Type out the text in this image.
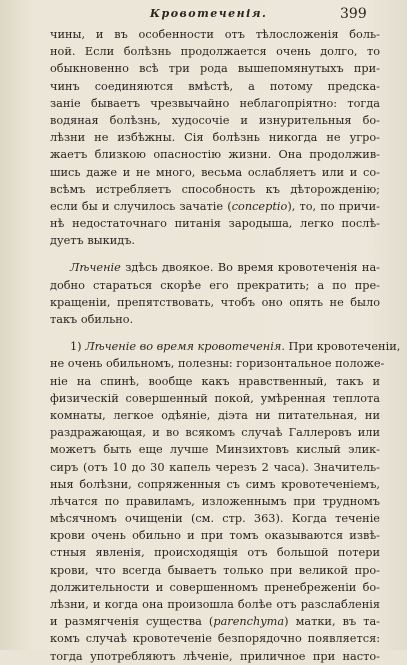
Кровотеченія.	399
чины, и въ особенности отъ тѣлосложенія боль-
ной. Если болѣзнь продолжается очень долго, то
обыкновенно всѣ три рода вышепомянутыхъ при-
чинъ соединяются вмѣстѣ, а потому предска-
заніе бываетъ чрезвычайно неблагопріятно: тогда
водяная болѣзнь, худосочіе и изнурительныя бо-
лѣзни не избѣжны. Сія болѣзнь никогда не угро-
жаетъ близкою опасностію жизни. Она продолжив-
шись даже и не много, весьма ослабляетъ или и со-
всѣмъ истребляетъ способность къ дѣторожденію;
если бы и случилось зачатіе (conceptio), то, по причи-
нѣ недостаточнаго питанія зародыша, легко послѣ-
дуетъ выкидъ.
Лѣченіе здѣсь двоякое. Во время кровотеченія на-
добно стараться скорѣе его прекратить; а по пре-
кращеніи, препятствовать, чтобъ оно опять не было
такъ обильно.
1) Лѣченіе во время кровотеченія. При кровотеченіи,
не очень обильномъ, полезны: горизонтальное положе-
ніе на спинѣ, вообще какъ нравственный, такъ и
физическій совершенный покой, умѣренная теплота
комнаты, легкое одѣяніе, діэта ни питательная, ни
раздражающая, и во всякомъ случаѣ Галлеровъ или
можетъ быть еще лучше Минзихтовъ кислый элик-
сиръ (отъ 10 до 30 капель черезъ 2 часа). Значитель-
ныя болѣзни, сопряженныя съ симъ кровотеченіемъ,
лѣчатся по правиламъ, изложеннымъ при трудномъ
мѣсячномъ очищеніи (см. стр. 363). Когда теченіе
крови очень обильно и при томъ оказываются извѣ-
стныя явленія, происходящія отъ большой потери
крови, что всегда бываетъ только при великой про-
должительности и совершенномъ пренебреженіи бо-
лѣзни, и когда она произошла болѣе отъ разслабленія
и размягченія существа (parenchyma) матки, въ та-
комъ случаѣ кровотеченіе безпорядочно появляется:
тогда употребляютъ лѣченіе, приличное при насто-
